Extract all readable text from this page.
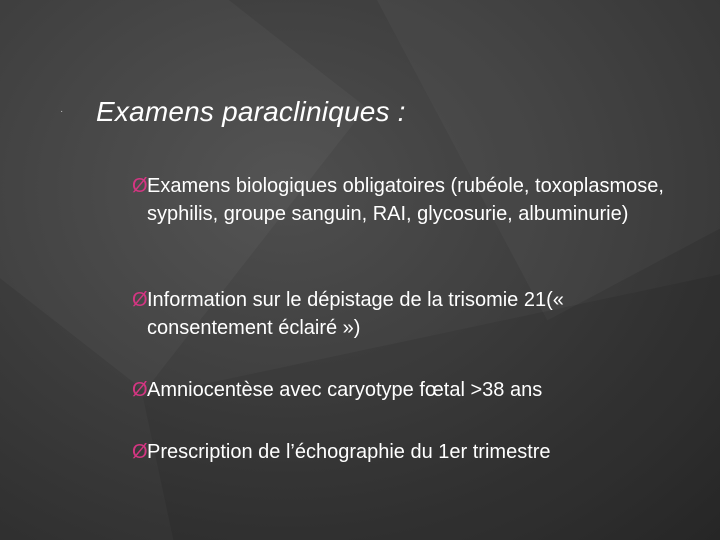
· Examens paracliniques :
Ø Examens biologiques obligatoires (rubéole, toxoplasmose, syphilis, groupe sanguin, RAI, glycosurie, albuminurie)
Ø Information sur le dépistage de la trisomie 21(« consentement éclairé »)
Ø Amniocentèse avec caryotype fœtal >38 ans
Ø Prescription de l’échographie du 1er trimestre
